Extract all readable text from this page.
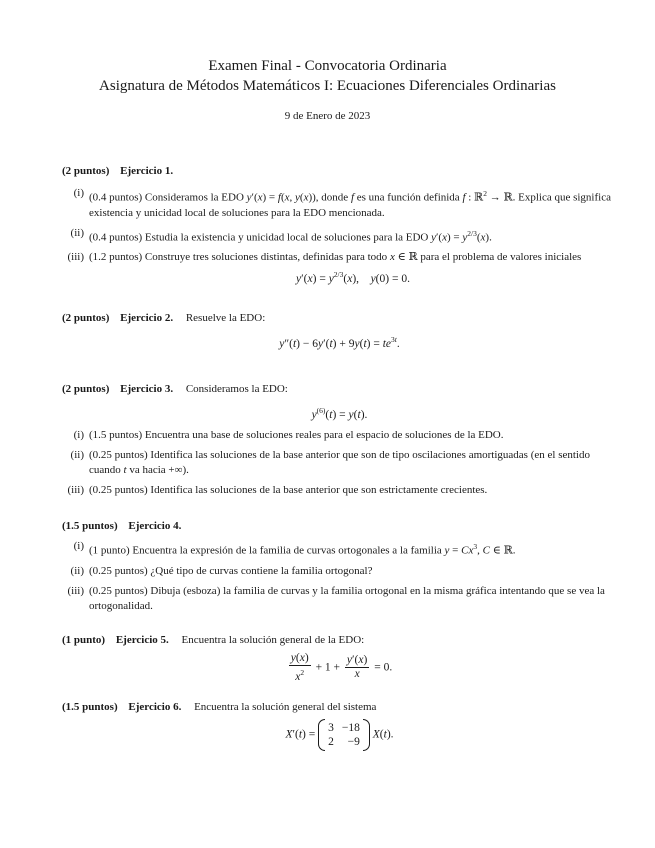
Examen Final - Convocatoria Ordinaria
Asignatura de Métodos Matemáticos I: Ecuaciones Diferenciales Ordinarias
9 de Enero de 2023
(2 puntos) Ejercicio 1.
(i) (0.4 puntos) Consideramos la EDO y′(x) = f(x, y(x)), donde f es una función definida f : ℝ$^2$ → ℝ. Explica que significa existencia y unicidad local de soluciones para la EDO mencionada.
(ii) (0.4 puntos) Estudia la existencia y unicidad local de soluciones para la EDO $y'(x) = y^{2/3}(x)$.
(iii) (1.2 puntos) Construye tres soluciones distintas, definidas para todo x ∈ ℝ para el problema de valores iniciales
$y'(x) = y^{2/3}(x)$,    y(0) = 0.
(2 puntos) Ejercicio 2. Resuelve la EDO:
$y''(t) - 6y'(t) + 9y(t) = te^{3t}$.
(2 puntos) Ejercicio 3. Consideramos la EDO:
$y^{(6)}(t) = y(t)$.
(i) (1.5 puntos) Encuentra una base de soluciones reales para el espacio de soluciones de la EDO.
(ii) (0.25 puntos) Identifica las soluciones de la base anterior que son de tipo oscilaciones amortiguadas (en el sentido cuando t va hacia +∞).
(iii) (0.25 puntos) Identifica las soluciones de la base anterior que son estrictamente crecientes.
(1.5 puntos) Ejercicio 4.
(i) (1 punto) Encuentra la expresión de la familia de curvas ortogonales a la familia $y = Cx^3$, C ∈ ℝ.
(ii) (0.25 puntos) ¿Qué tipo de curvas contiene la familia ortogonal?
(iii) (0.25 puntos) Dibuja (esboza) la familia de curvas y la familia ortogonal en la misma gráfica intentando que se vea la ortogonalidad.
(1 punto) Ejercicio 5. Encuentra la solución general de la EDO:
$\frac{y(x)}{x^2} + 1 + \frac{y'(x)}{x} = 0$.
(1.5 puntos) Ejercicio 6. Encuentra la solución general del sistema
X′(t) =
3	−18
2	−9
X(t).
